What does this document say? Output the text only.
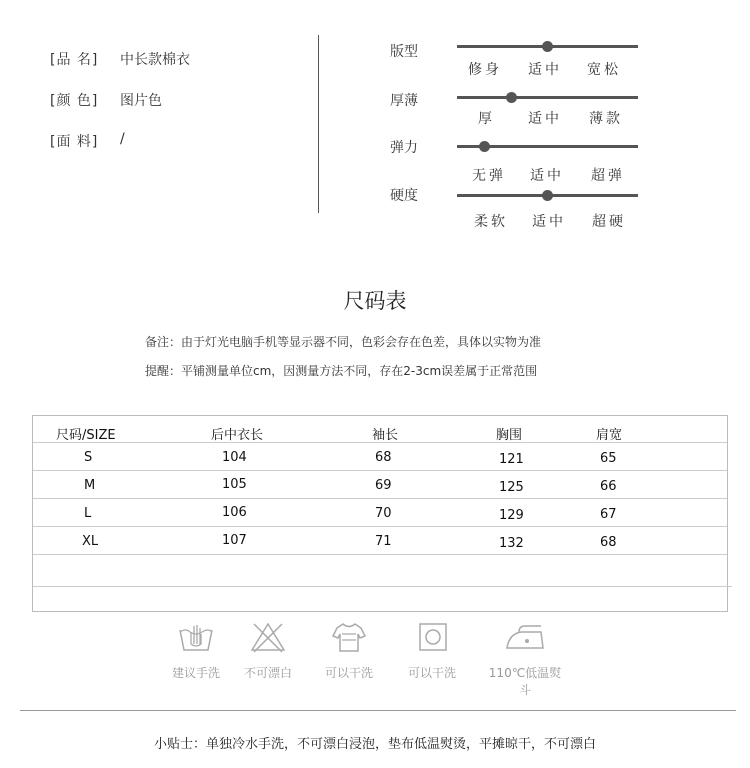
[品 名] 中长款棉衣
[颜 色] 图片色
[面 料] /
版型
修身 适中 宽松
厚薄
厚 适中 薄款
弹力
无弹 适中 超弹
硬度
柔软 适中 超硬
尺码表
备注：由于灯光电脑手机等显示器不同，色彩会存在色差，具体以实物为准
提醒：平铺测量单位cm，因测量方法不同，存在2-3cm误差属于正常范围
尺码/SIZE	后中衣长	袖长	胸围	肩宽
S	104	68	121	65
M	105	69	125	66
L	106	70	129	67
XL	107	71	132	68
建议手洗	不可漂白	可以干洗	可以干洗	110℃低温熨斗
小贴士：单独冷水手洗，不可漂白浸泡，垫布低温熨烫，平摊晾干，不可漂白
